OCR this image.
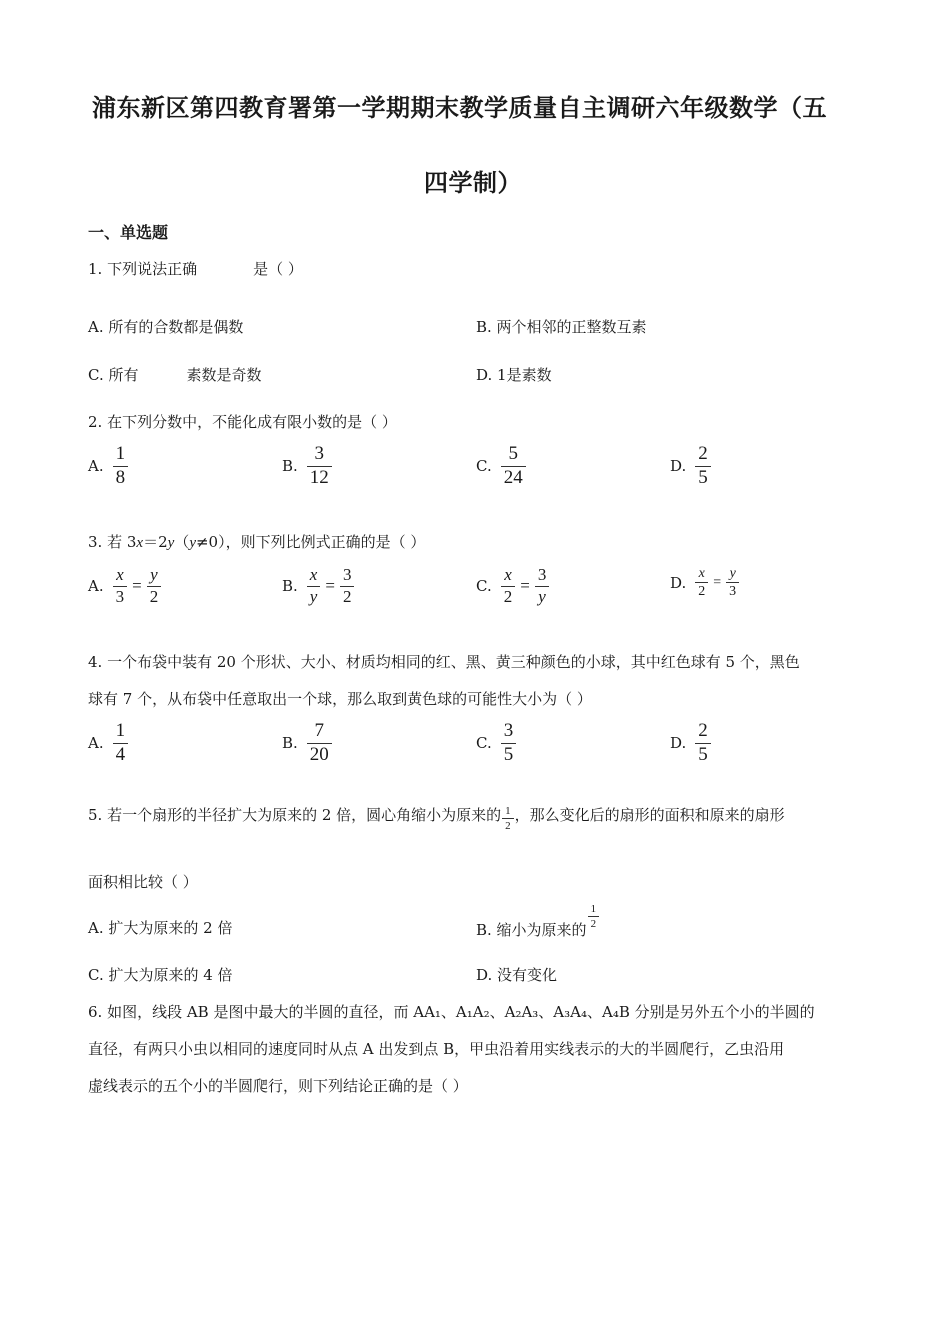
浦东新区第四教育署第一学期期末教学质量自主调研六年级数学（五
四学制）
一、单选题
1. 下列说法正确	是（ ）
A. 所有的合数都是偶数	B. 两个相邻的正整数互素
C. 所有	素数是奇数	D. 1是素数
2. 在下列分数中，不能化成有限小数的是（ ）
A. $\frac{1}{8}$	B. $\frac{3}{12}$	C. $\frac{5}{24}$	D. $\frac{2}{5}$
3. 若 3x＝2y（y≠0），则下列比例式正确的是（ ）
A. $\frac{x}{3} = \frac{y}{2}$	B. $\frac{x}{y} = \frac{3}{2}$	C. $\frac{x}{2} = \frac{3}{y}$	D. $\frac{x}{2} = \frac{y}{3}$
4. 一个布袋中装有 20 个形状、大小、材质均相同的红、黑、黄三种颜色的小球，其中红色球有 5 个，黑色
球有 7 个，从布袋中任意取出一个球，那么取到黄色球的可能性大小为（ ）
A. $\frac{1}{4}$	B. $\frac{7}{20}$	C. $\frac{3}{5}$	D. $\frac{2}{5}$
5. 若一个扇形的半径扩大为原来的 2 倍，圆心角缩小为原来的 $\frac{1}{2}$ ，那么变化后的扇形的面积和原来的扇形
面积相比较（ ）
A. 扩大为原来的 2 倍	B. 缩小为原来的 $\frac{1}{2}$
C. 扩大为原来的 4 倍	D. 没有变化
6. 如图，线段 AB 是图中最大的半圆的直径，而 AA₁、A₁A₂、A₂A₃、A₃A₄、A₄B 分别是另外五个小的半圆的
直径，有两只小虫以相同的速度同时从点 A 出发到点 B，甲虫沿着用实线表示的大的半圆爬行，乙虫沿用
虚线表示的五个小的半圆爬行，则下列结论正确的是（ ）
